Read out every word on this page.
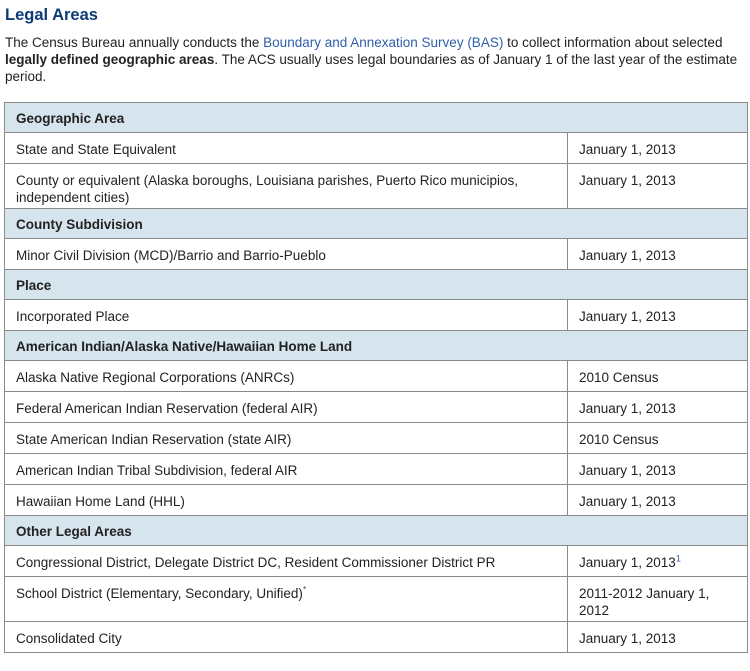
Legal Areas

The Census Bureau annually conducts the Boundary and Annexation Survey (BAS) to collect information about selected legally defined geographic areas. The ACS usually uses legal boundaries as of January 1 of the last year of the estimate period.

Geographic Area	
State and State Equivalent	January 1, 2013
County or equivalent (Alaska boroughs, Louisiana parishes, Puerto Rico municipios, independent cities)	January 1, 2013
County Subdivision	
Minor Civil Division (MCD)/Barrio and Barrio-Pueblo	January 1, 2013
Place	
Incorporated Place	January 1, 2013
American Indian/Alaska Native/Hawaiian Home Land	
Alaska Native Regional Corporations (ANRCs)	2010 Census
Federal American Indian Reservation (federal AIR)	January 1, 2013
State American Indian Reservation (state AIR)	2010 Census
American Indian Tribal Subdivision, federal AIR	January 1, 2013
Hawaiian Home Land (HHL)	January 1, 2013
Other Legal Areas	
Congressional District, Delegate District DC, Resident Commissioner District PR	January 1, 2013$^1$
School District (Elementary, Secondary, Unified)*	2011-2012 January 1, 2012
Consolidated City	January 1, 2013
